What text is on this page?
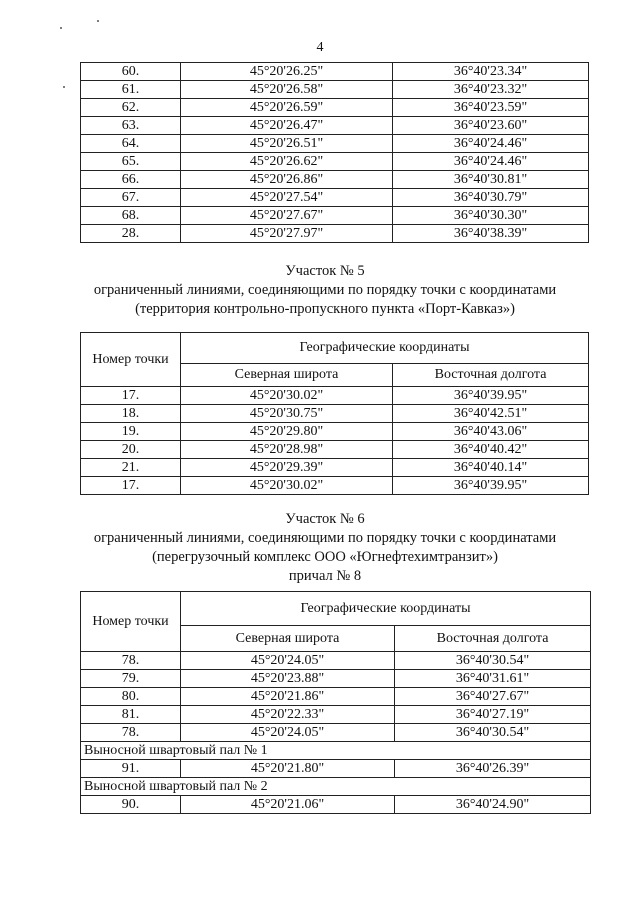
4
60.	45°20'26.25"	36°40'23.34"
61.	45°20'26.58"	36°40'23.32"
62.	45°20'26.59"	36°40'23.59"
63.	45°20'26.47"	36°40'23.60"
64.	45°20'26.51"	36°40'24.46"
65.	45°20'26.62"	36°40'24.46"
66.	45°20'26.86"	36°40'30.81"
67.	45°20'27.54"	36°40'30.79"
68.	45°20'27.67"	36°40'30.30"
28.	45°20'27.97"	36°40'38.39"
Участок № 5
ограниченный линиями, соединяющими по порядку точки с координатами
(территория контрольно-пропускного пункта «Порт-Кавказ»)
Номер точки	Географические координаты	
	Северная широта	Восточная долгота
17.	45°20'30.02"	36°40'39.95"
18.	45°20'30.75"	36°40'42.51"
19.	45°20'29.80"	36°40'43.06"
20.	45°20'28.98"	36°40'40.42"
21.	45°20'29.39"	36°40'40.14"
17.	45°20'30.02"	36°40'39.95"
Участок № 6
ограниченный линиями, соединяющими по порядку точки с координатами
(перегрузочный комплекс ООО «Югнефтехимтранзит»)
причал № 8
Номер точки	Географические координаты	
	Северная широта	Восточная долгота
78.	45°20'24.05"	36°40'30.54"
79.	45°20'23.88"	36°40'31.61"
80.	45°20'21.86"	36°40'27.67"
81.	45°20'22.33"	36°40'27.19"
78.	45°20'24.05"	36°40'30.54"
Выносной швартовый пал № 1		
91.	45°20'21.80"	36°40'26.39"
Выносной швартовый пал № 2		
90.	45°20'21.06"	36°40'24.90"
